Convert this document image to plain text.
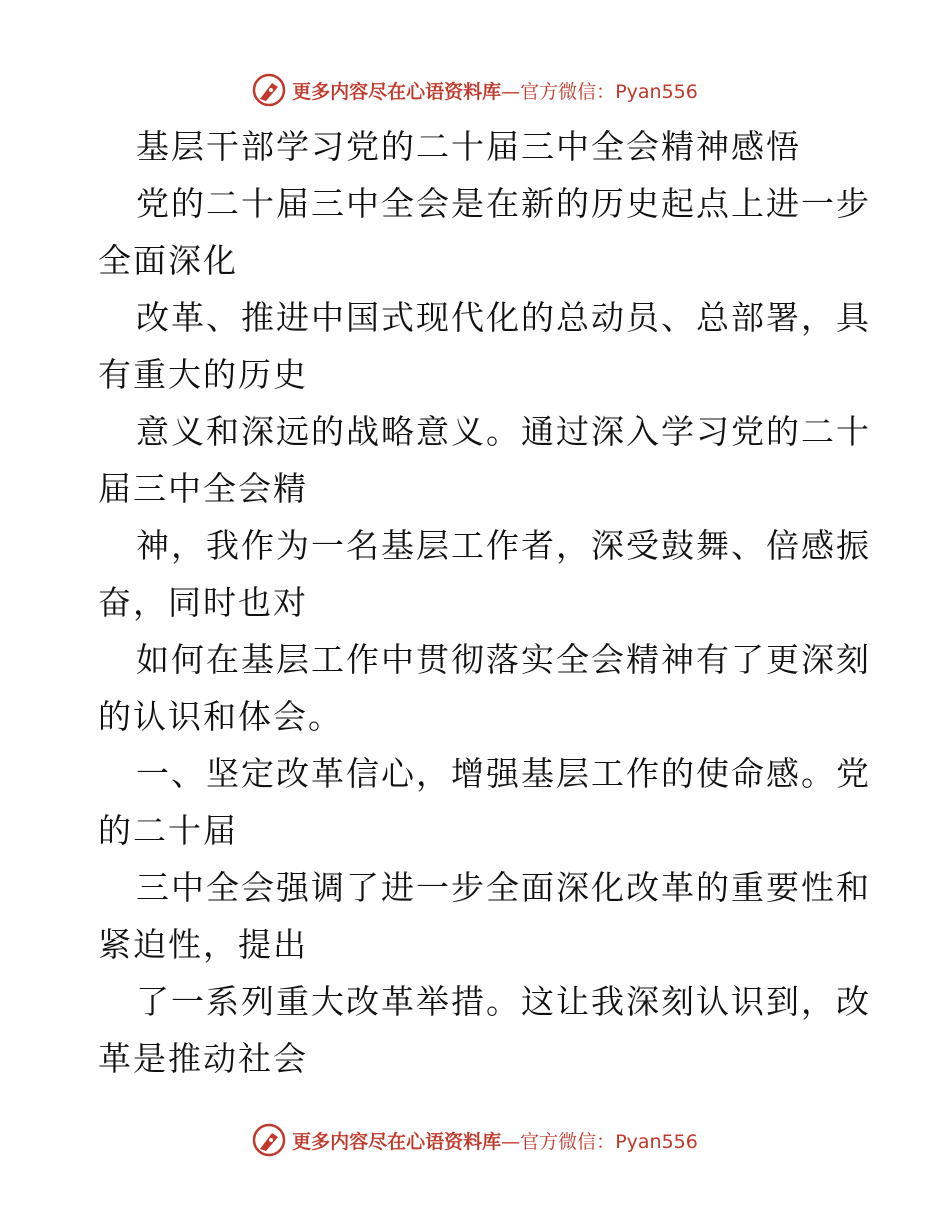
更多内容尽在心语资料库—官方微信：Pyan556
基层干部学习党的二十届三中全会精神感悟
党的二十届三中全会是在新的历史起点上进一步
全面深化
改革、推进中国式现代化的总动员、总部署，具
有重大的历史
意义和深远的战略意义。通过深入学习党的二十
届三中全会精
神，我作为一名基层工作者，深受鼓舞、倍感振
奋，同时也对
如何在基层工作中贯彻落实全会精神有了更深刻
的认识和体会。
一、坚定改革信心，增强基层工作的使命感。党
的二十届
三中全会强调了进一步全面深化改革的重要性和
紧迫性，提出
了一系列重大改革举措。这让我深刻认识到，改
革是推动社会
更多内容尽在心语资料库—官方微信：Pyan556
